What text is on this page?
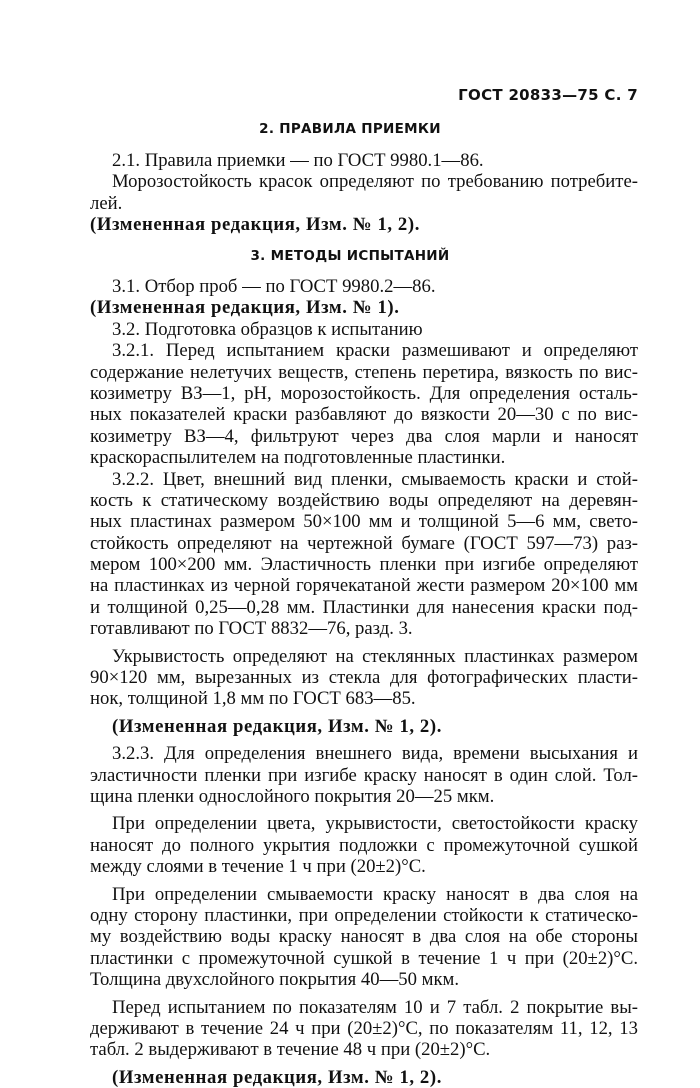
ГОСТ 20833—75 С. 7
2. ПРАВИЛА ПРИЕМКИ
2.1. Правила приемки — по ГОСТ 9980.1—86.
Морозостойкость красок определяют по требованию потребите-
лей.
(Измененная редакция, Изм. № 1, 2).
3. МЕТОДЫ ИСПЫТАНИЙ
3.1. Отбор проб — по ГОСТ 9980.2—86.
(Измененная редакция, Изм. № 1).
3.2. Подготовка образцов к испытанию
3.2.1. Перед испытанием краски размешивают и определяют
содержание нелетучих веществ, степень перетира, вязкость по вис-
козиметру ВЗ—1, рН, морозостойкость. Для определения осталь-
ных показателей краски разбавляют до вязкости 20—30 с по вис-
козиметру ВЗ—4, фильтруют через два слоя марли и наносят
краскораспылителем на подготовленные пластинки.
3.2.2. Цвет, внешний вид пленки, смываемость краски и стой-
кость к статическому воздействию воды определяют на деревян-
ных пластинах размером 50×100 мм и толщиной 5—6 мм, свето-
стойкость определяют на чертежной бумаге (ГОСТ 597—73) раз-
мером 100×200 мм. Эластичность пленки при изгибе определяют
на пластинках из черной горячекатаной жести размером 20×100 мм
и толщиной 0,25—0,28 мм. Пластинки для нанесения краски под-
готавливают по ГОСТ 8832—76, разд. 3.
Укрывистость определяют на стеклянных пластинках размером
90×120 мм, вырезанных из стекла для фотографических пласти-
нок, толщиной 1,8 мм по ГОСТ 683—85.
(Измененная редакция, Изм. № 1, 2).
3.2.3. Для определения внешнего вида, времени высыхания и
эластичности пленки при изгибе краску наносят в один слой. Тол-
щина пленки однослойного покрытия 20—25 мкм.
При определении цвета, укрывистости, светостойкости краску
наносят до полного укрытия подложки с промежуточной сушкой
между слоями в течение 1 ч при (20±2)°С.
При определении смываемости краску наносят в два слоя на
одну сторону пластинки, при определении стойкости к статическо-
му воздействию воды краску наносят в два слоя на обе стороны
пластинки с промежуточной сушкой в течение 1 ч при (20±2)°С.
Толщина двухслойного покрытия 40—50 мкм.
Перед испытанием по показателям 10 и 7 табл. 2 покрытие вы-
держивают в течение 24 ч при (20±2)°С, по показателям 11, 12, 13
табл. 2 выдерживают в течение 48 ч при (20±2)°С.
(Измененная редакция, Изм. № 1, 2).
